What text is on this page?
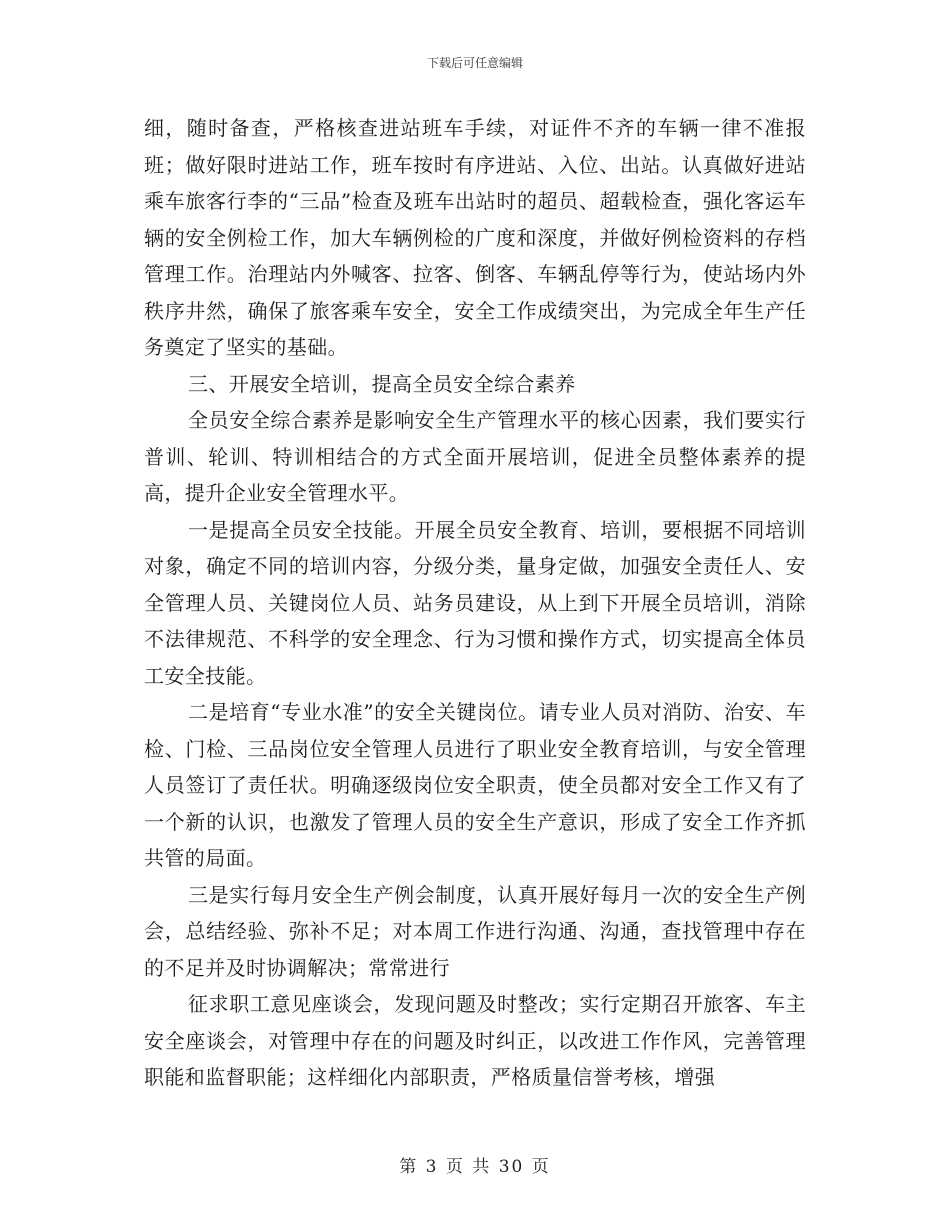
下载后可任意编辑

细，随时备查，严格核查进站班车手续，对证件不齐的车辆一律不准报班；做好限时进站工作，班车按时有序进站、入位、出站。认真做好进站乘车旅客行李的“三品”检查及班车出站时的超员、超载检查，强化客运车辆的安全例检工作，加大车辆例检的广度和深度，并做好例检资料的存档管理工作。治理站内外喊客、拉客、倒客、车辆乱停等行为，使站场内外秩序井然，确保了旅客乘车安全，安全工作成绩突出，为完成全年生产任务奠定了坚实的基础。

三、开展安全培训，提高全员安全综合素养

全员安全综合素养是影响安全生产管理水平的核心因素，我们要实行普训、轮训、特训相结合的方式全面开展培训，促进全员整体素养的提高，提升企业安全管理水平。

一是提高全员安全技能。开展全员安全教育、培训，要根据不同培训对象，确定不同的培训内容，分级分类，量身定做，加强安全责任人、安全管理人员、关键岗位人员、站务员建设，从上到下开展全员培训，消除不法律规范、不科学的安全理念、行为习惯和操作方式，切实提高全体员工安全技能。

二是培育“专业水准”的安全关键岗位。请专业人员对消防、治安、车检、门检、三品岗位安全管理人员进行了职业安全教育培训，与安全管理人员签订了责任状。明确逐级岗位安全职责，使全员都对安全工作又有了一个新的认识，也激发了管理人员的安全生产意识，形成了安全工作齐抓共管的局面。

三是实行每月安全生产例会制度，认真开展好每月一次的安全生产例会，总结经验、弥补不足；对本周工作进行沟通、沟通，查找管理中存在的不足并及时协调解决；常常进行

征求职工意见座谈会，发现问题及时整改；实行定期召开旅客、车主安全座谈会，对管理中存在的问题及时纠正，以改进工作作风，完善管理职能和监督职能；这样细化内部职责，严格质量信誉考核，增强

第 3 页 共 30 页
